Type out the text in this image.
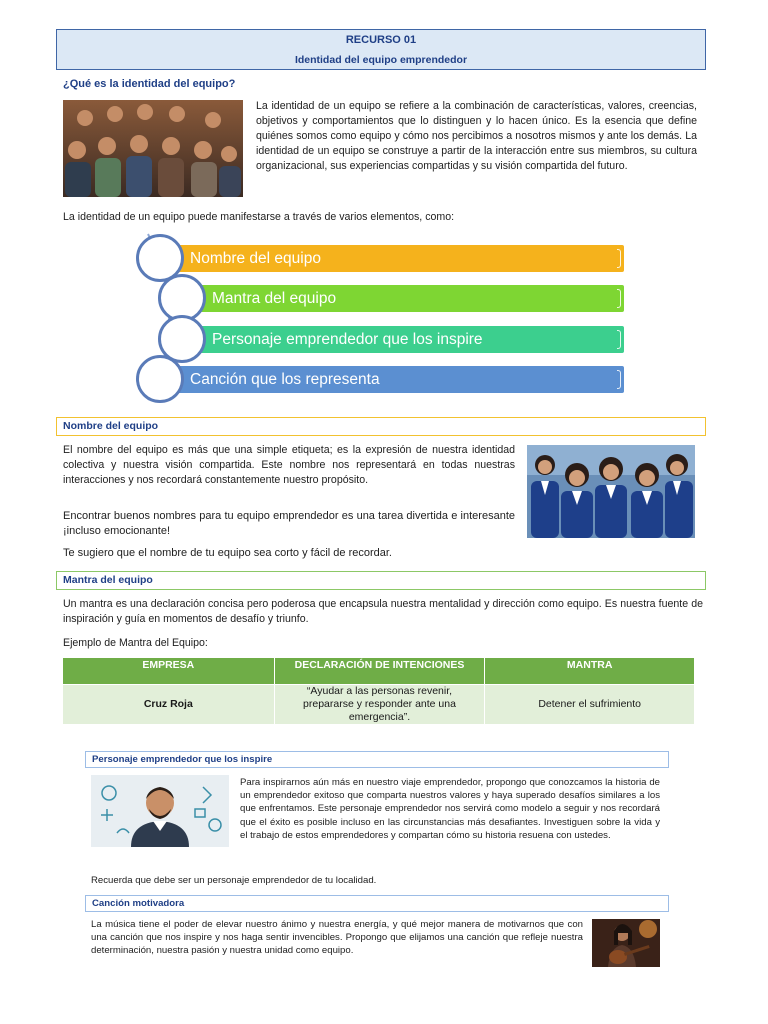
RECURSO 01
Identidad del equipo emprendedor
¿Qué es la identidad del equipo?
La identidad de un equipo se refiere a la combinación de características, valores, creencias, objetivos y comportamientos que lo distinguen y lo hacen único. Es la esencia que define quiénes somos como equipo y cómo nos percibimos a nosotros mismos y ante los demás. La identidad de un equipo se construye a partir de la interacción entre sus miembros, su cultura organizacional, sus experiencias compartidas y su visión compartida del futuro.
La identidad de un equipo puede manifestarse a través de varios elementos, como:
Nombre del equipo
Mantra del equipo
Personaje emprendedor que los inspire
Canción que los representa
Nombre del equipo
El nombre del equipo es más que una simple etiqueta; es la expresión de nuestra identidad colectiva y nuestra visión compartida. Este nombre nos representará en todas nuestras interacciones y nos recordará constantemente nuestro propósito.
Encontrar buenos nombres para tu equipo emprendedor es una tarea divertida e interesante ¡incluso emocionante!
Te sugiero que el nombre de tu equipo sea corto y fácil de recordar.
Mantra del equipo
Un mantra es una declaración concisa pero poderosa que encapsula nuestra mentalidad y dirección como equipo. Es nuestra fuente de inspiración y guía en momentos de desafío y triunfo.
Ejemplo de Mantra del Equipo:
EMPRESA	DECLARACIÓN DE INTENCIONES	MANTRA
Cruz Roja	“Ayudar a las personas revenir, prepararse y responder ante una emergencia”.	Detener el sufrimiento
Personaje emprendedor que los inspire
Para inspirarnos aún más en nuestro viaje emprendedor, propongo que conozcamos la historia de un emprendedor exitoso que comparta nuestros valores y haya superado desafíos similares a los que enfrentamos. Este personaje emprendedor nos servirá como modelo a seguir y nos recordará que el éxito es posible incluso en las circunstancias más desafiantes. Investiguen sobre la vida y el trabajo de estos emprendedores y compartan cómo su historia resuena con ustedes.
Recuerda que debe ser un personaje emprendedor de tu localidad.
Canción motivadora
La música tiene el poder de elevar nuestro ánimo y nuestra energía, y qué mejor manera de motivarnos que con una canción que nos inspire y nos haga sentir invencibles. Propongo que elijamos una canción que refleje nuestra determinación, nuestra pasión y nuestra unidad como equipo.
